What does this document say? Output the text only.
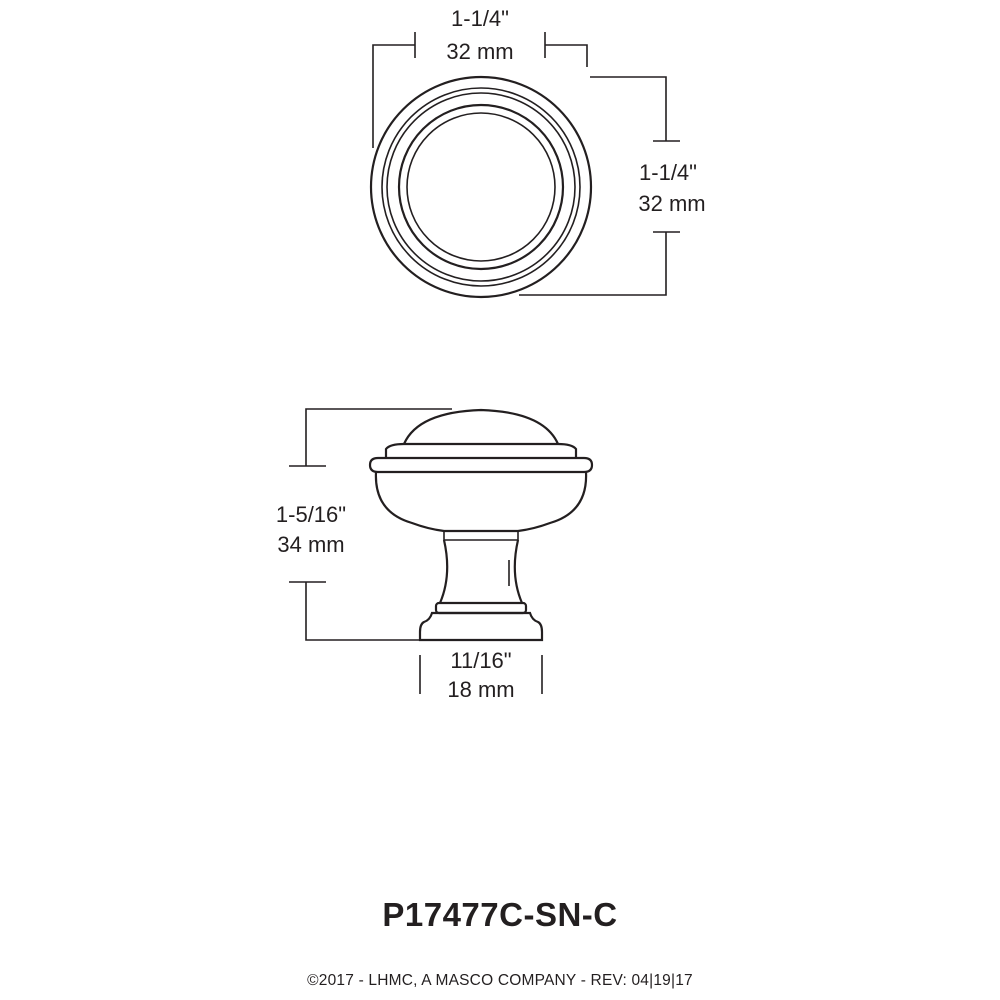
1-1/4"
32 mm
1-1/4"
32 mm
1-5/16"
34 mm
11/16"
18 mm
P17477C-SN-C
©2017 - LHMC, A MASCO COMPANY - REV: 04|19|17
